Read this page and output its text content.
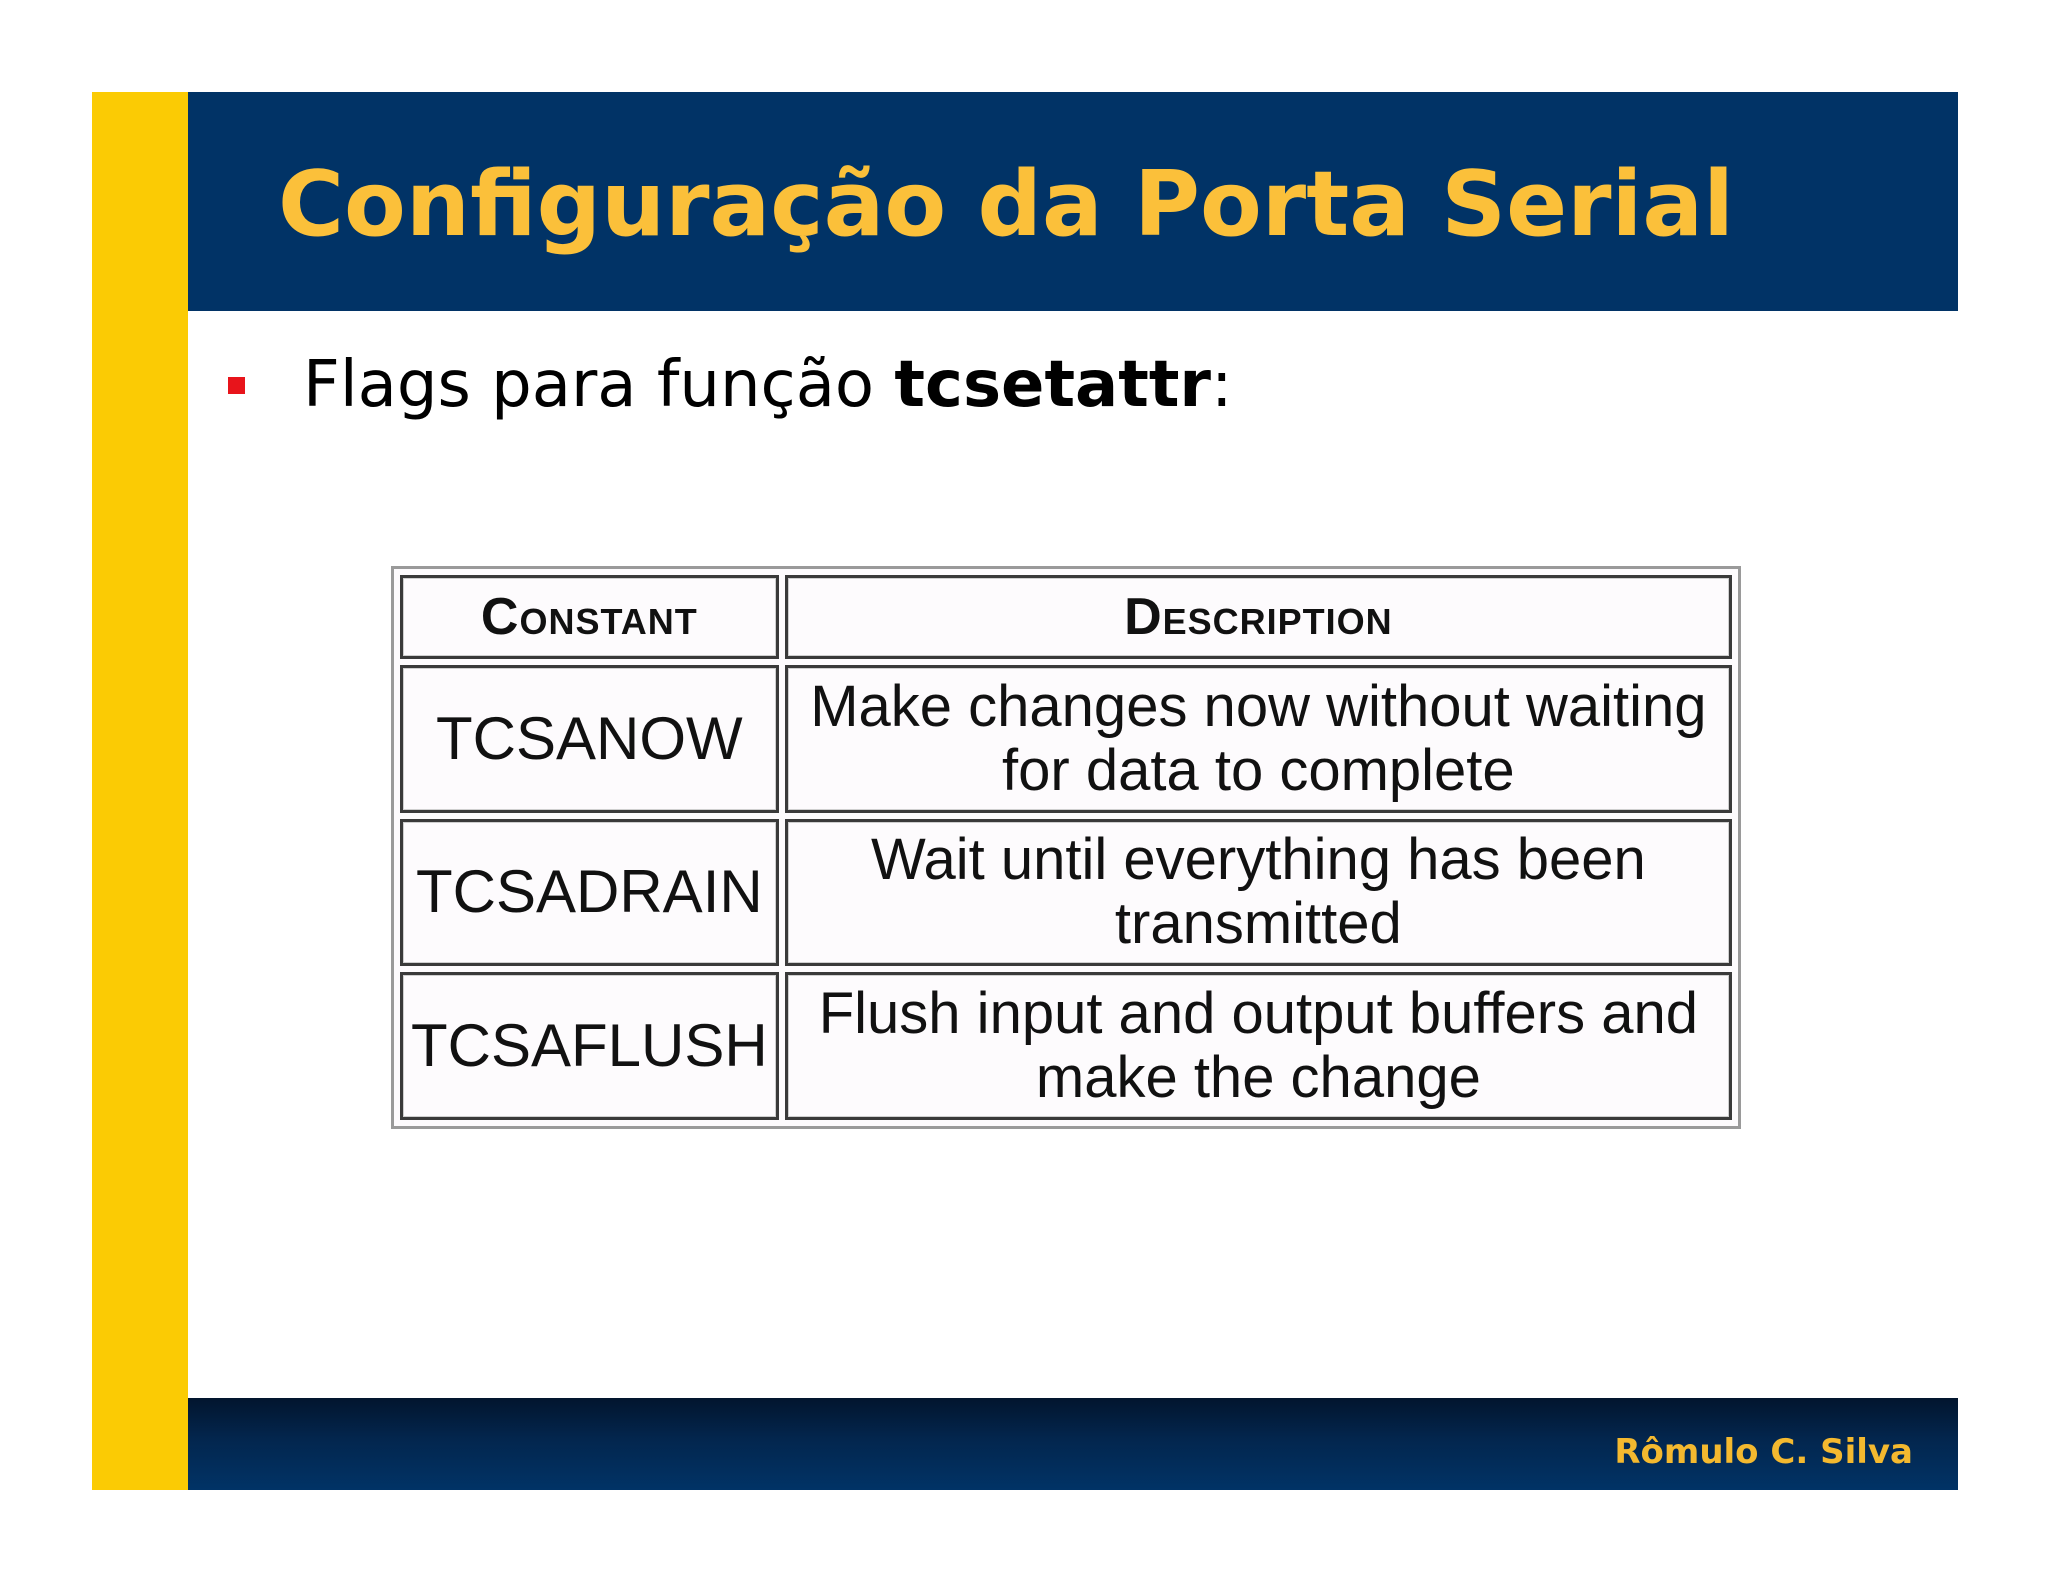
Configuração da Porta Serial
Flags para função tcsetattr:
Constant	Description
TCSANOW	Make changes now without waiting for data to complete
TCSADRAIN	Wait until everything has been transmitted
TCSAFLUSH	Flush input and output buffers and make the change
Rômulo C. Silva
